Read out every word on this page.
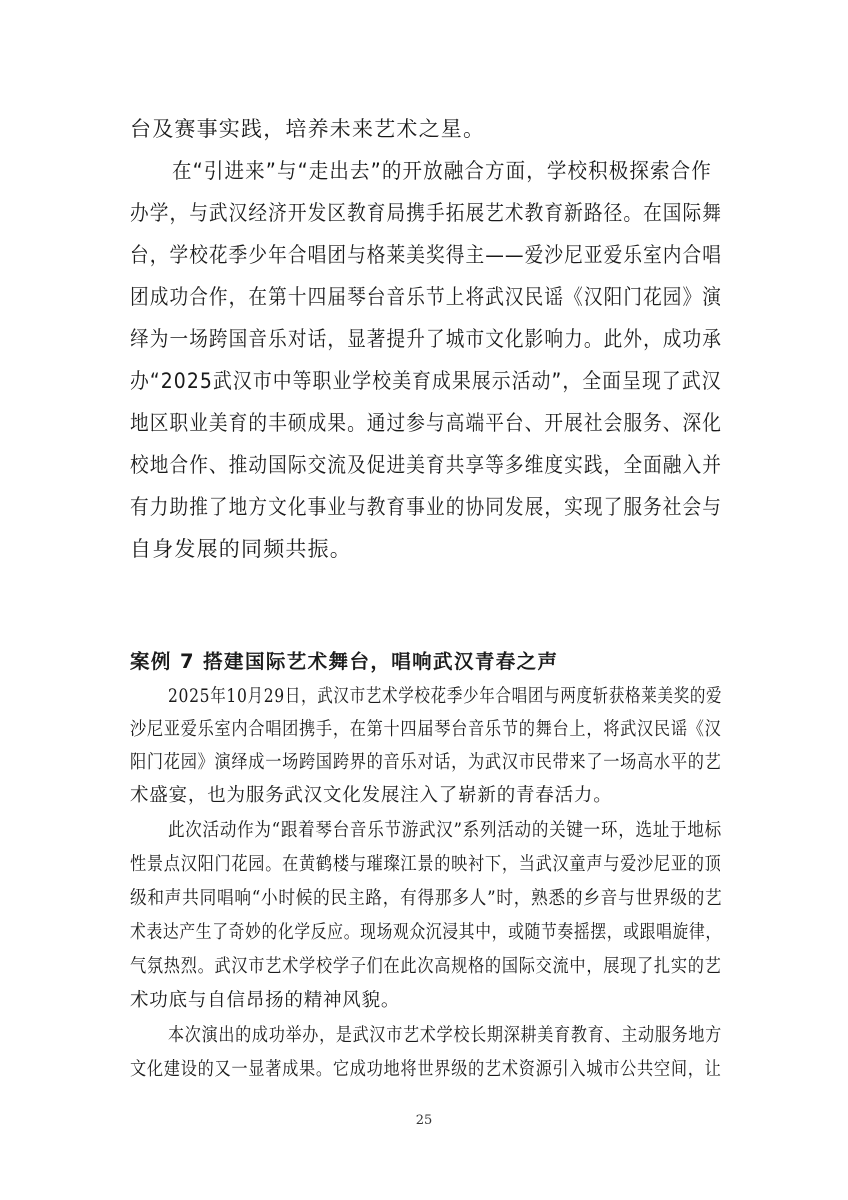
台及赛事实践，培养未来艺术之星。

在“引进来”与“走出去”的开放融合方面，学校积极探索合作

办学，与武汉经济开发区教育局携手拓展艺术教育新路径。在国际舞

台，学校花季少年合唱团与格莱美奖得主——爱沙尼亚爱乐室内合唱

团成功合作，在第十四届琴台音乐节上将武汉民谣《汉阳门花园》演

绎为一场跨国音乐对话，显著提升了城市文化影响力。此外，成功承

办“2025武汉市中等职业学校美育成果展示活动”，全面呈现了武汉

地区职业美育的丰硕成果。通过参与高端平台、开展社会服务、深化

校地合作、推动国际交流及促进美育共享等多维度实践，全面融入并

有力助推了地方文化事业与教育事业的协同发展，实现了服务社会与

自身发展的同频共振。

案例 7 搭建国际艺术舞台，唱响武汉青春之声

2025年10月29日，武汉市艺术学校花季少年合唱团与两度斩获格莱美奖的爱

沙尼亚爱乐室内合唱团携手，在第十四届琴台音乐节的舞台上，将武汉民谣《汉

阳门花园》演绎成一场跨国跨界的音乐对话，为武汉市民带来了一场高水平的艺

术盛宴，也为服务武汉文化发展注入了崭新的青春活力。

此次活动作为“跟着琴台音乐节游武汉”系列活动的关键一环，选址于地标

性景点汉阳门花园。在黄鹤楼与璀璨江景的映衬下，当武汉童声与爱沙尼亚的顶

级和声共同唱响“小时候的民主路，有得那多人”时，熟悉的乡音与世界级的艺

术表达产生了奇妙的化学反应。现场观众沉浸其中，或随节奏摇摆，或跟唱旋律，

气氛热烈。武汉市艺术学校学子们在此次高规格的国际交流中，展现了扎实的艺

术功底与自信昂扬的精神风貌。

本次演出的成功举办，是武汉市艺术学校长期深耕美育教育、主动服务地方

文化建设的又一显著成果。它成功地将世界级的艺术资源引入城市公共空间，让

25
